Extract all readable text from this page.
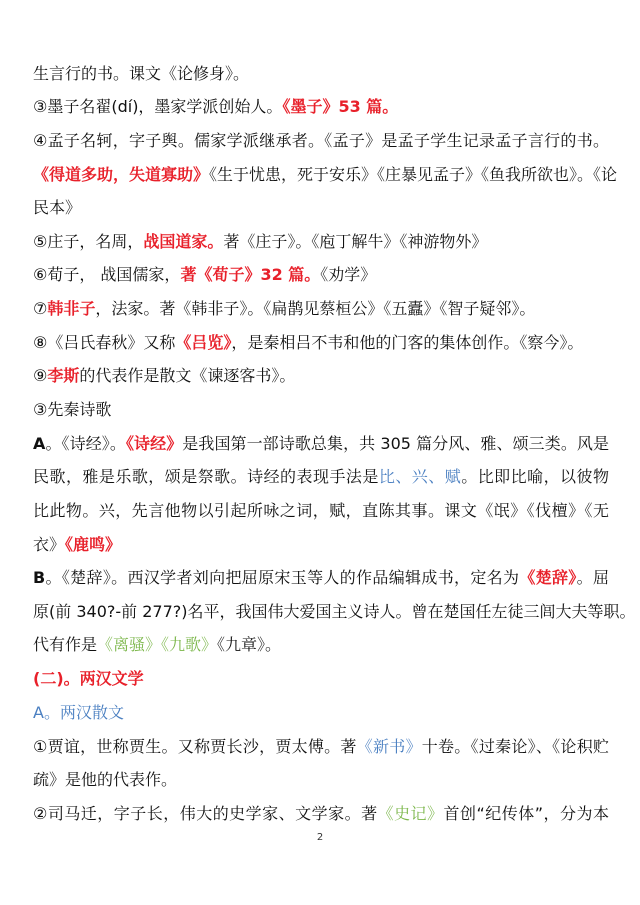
生言行的书。课文《论修身》。
③墨子名翟(dí)，墨家学派创始人。《墨子》53 篇。
④孟子名轲，字子舆。儒家学派继承者。《孟子》是孟子学生记录孟子言行的书。
《得道多助，失道寡助》《生于忧患，死于安乐》《庄暴见孟子》《鱼我所欲也》。《论
民本》
⑤庄子，名周，战国道家。著《庄子》。《庖丁解牛》《神游物外》
⑥荀子， 战国儒家，著《荀子》32 篇。《劝学》
⑦韩非子，法家。著《韩非子》。《扁鹊见蔡桓公》《五蠹》《智子疑邻》。
⑧《吕氏春秋》又称《吕览》，是秦相吕不韦和他的门客的集体创作。《察今》。
⑨李斯的代表作是散文《谏逐客书》。
③先秦诗歌
A。《诗经》。《诗经》是我国第一部诗歌总集，共 305 篇分风、雅、颂三类。风是
民歌，雅是乐歌，颂是祭歌。诗经的表现手法是比、兴、赋。比即比喻，以彼物
比此物。兴，先言他物以引起所咏之词，赋，直陈其事。课文《氓》《伐檀》《无
衣》《鹿鸣》
B。《楚辞》。西汉学者刘向把屈原宋玉等人的作品编辑成书，定名为《楚辞》。屈
原(前 340?-前 277?)名平，我国伟大爱国主义诗人。曾在楚国任左徒三闾大夫等职。
代有作是《离骚》《九歌》《九章》。
(二)。两汉文学
A。两汉散文
①贾谊，世称贾生。又称贾长沙，贾太傅。著《新书》十卷。《过秦论》、《论积贮
疏》是他的代表作。
②司马迁，字子长，伟大的史学家、文学家。著《史记》首创“纪传体”，分为本
2
